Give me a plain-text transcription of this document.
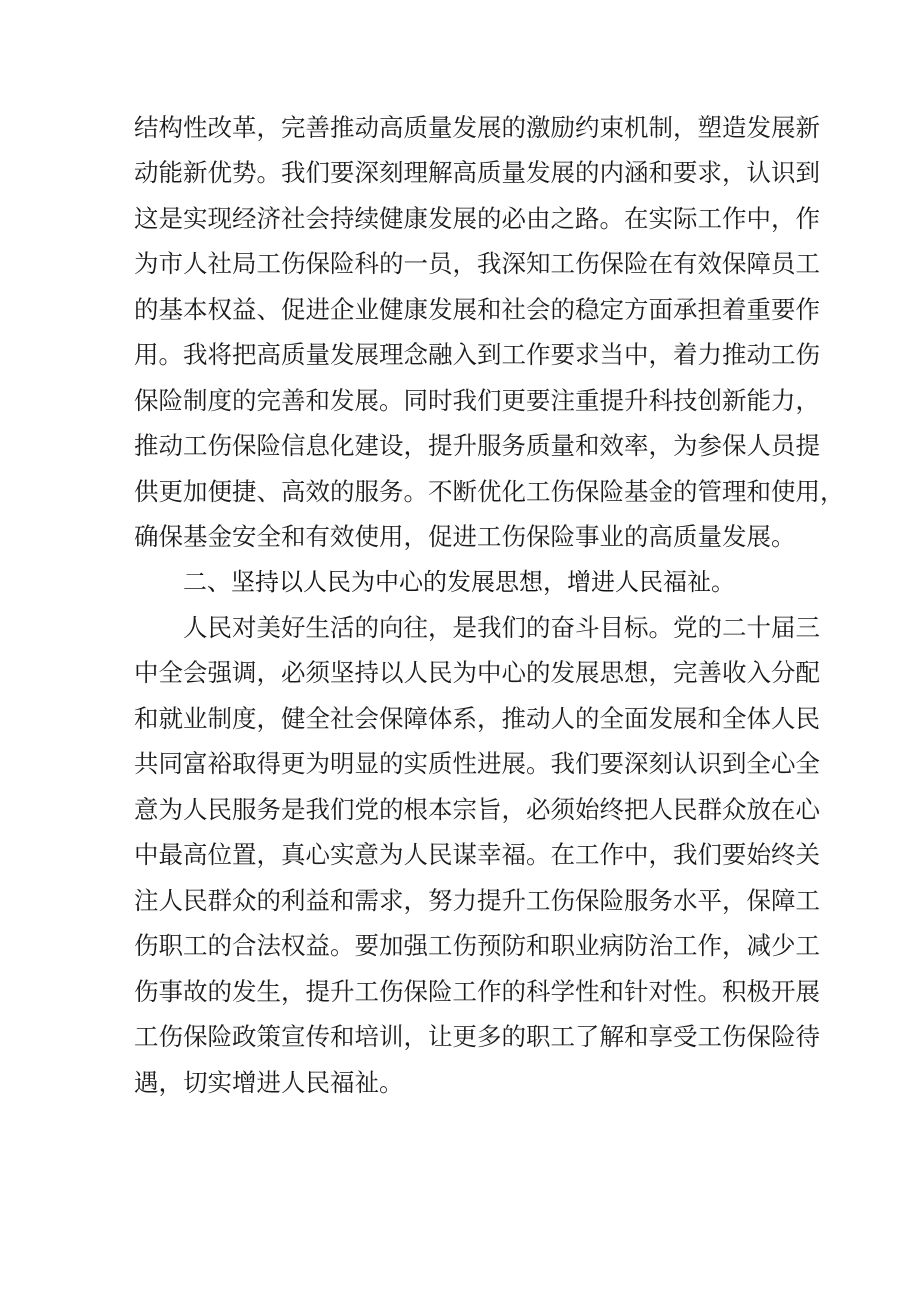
结构性改革，完善推动高质量发展的激励约束机制，塑造发展新
动能新优势。我们要深刻理解高质量发展的内涵和要求，认识到
这是实现经济社会持续健康发展的必由之路。在实际工作中，作
为市人社局工伤保险科的一员，我深知工伤保险在有效保障员工
的基本权益、促进企业健康发展和社会的稳定方面承担着重要作
用。我将把高质量发展理念融入到工作要求当中，着力推动工伤
保险制度的完善和发展。同时我们更要注重提升科技创新能力，
推动工伤保险信息化建设，提升服务质量和效率，为参保人员提
供更加便捷、高效的服务。不断优化工伤保险基金的管理和使用，
确保基金安全和有效使用，促进工伤保险事业的高质量发展。
二、坚持以人民为中心的发展思想，增进人民福祉。
人民对美好生活的向往，是我们的奋斗目标。党的二十届三
中全会强调，必须坚持以人民为中心的发展思想，完善收入分配
和就业制度，健全社会保障体系，推动人的全面发展和全体人民
共同富裕取得更为明显的实质性进展。我们要深刻认识到全心全
意为人民服务是我们党的根本宗旨，必须始终把人民群众放在心
中最高位置，真心实意为人民谋幸福。在工作中，我们要始终关
注人民群众的利益和需求，努力提升工伤保险服务水平，保障工
伤职工的合法权益。要加强工伤预防和职业病防治工作，减少工
伤事故的发生，提升工伤保险工作的科学性和针对性。积极开展
工伤保险政策宣传和培训，让更多的职工了解和享受工伤保险待
遇，切实增进人民福祉。
